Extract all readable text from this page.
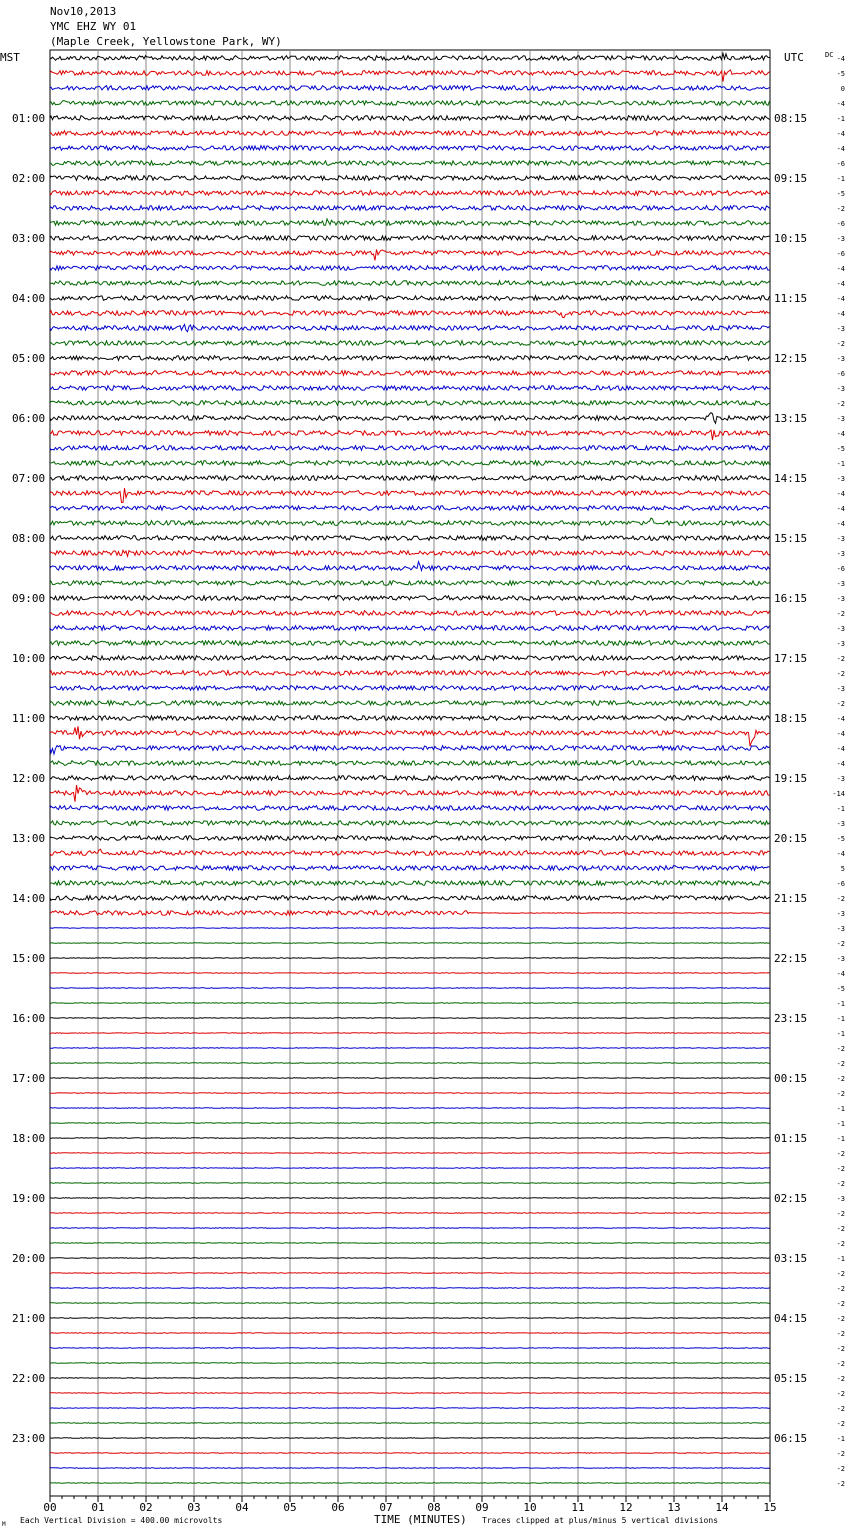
Nov10,2013
YMC EHZ WY 01
(Maple Creek, Yellowstone Park, WY)
MST	UTC	DC
01:00
02:00
03:00
04:00
05:00
06:00
07:00
08:00
09:00
10:00
11:00
12:00
13:00
14:00
15:00
16:00
17:00
18:00
19:00
20:00
21:00
22:00
23:00
08:15
09:15
10:15
11:15
12:15
13:15
14:15
15:15
16:15
17:15
18:15
19:15
20:15
21:15
22:15
23:15
00:15
01:15
02:15
03:15
04:15
05:15
06:15
-4
-5
0
-4
-1
-4
-4
-6
-1
-5
-2
-6
-3
-6
-4
-4
-4
-4
-3
-2
-3
-6
-3
-2
-3
-4
-5
-1
-3
-4
-4
-4
-3
-3
-6
-3
-3
-2
-3
-3
-2
-2
-3
-2
-4
-4
-4
-4
-3
-14
-1
-3
-5
-4
5
-6
-2
-3
-3
-2
-3
-4
-5
-1
-1
-1
-2
-2
-2
-2
-1
-1
-1
-2
-2
-2
-3
-2
-2
-2
-1
-2
-2
-2
-2
-2
-2
-2
-2
-2
-2
-2
-1
-2
-2
-2
00	01	02	03	04	05	06	07	08	09	10	11	12	13	14	15
M Each Vertical Division = 400.00 microvolts	TIME (MINUTES) Traces clipped at plus/minus 5 vertical divisions
